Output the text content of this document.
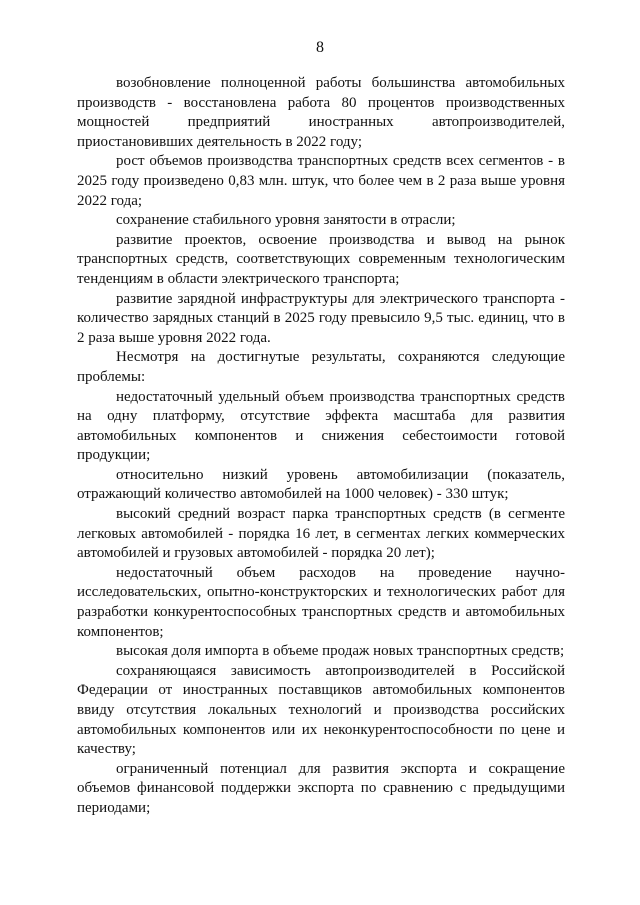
8

возобновление полноценной работы большинства автомобильных производств - восстановлена работа 80 процентов производственных мощностей предприятий иностранных автопроизводителей, приостановивших деятельность в 2022 году;

рост объемов производства транспортных средств всех сегментов - в 2025 году произведено 0,83 млн. штук, что более чем в 2 раза выше уровня 2022 года;

сохранение стабильного уровня занятости в отрасли;

развитие проектов, освоение производства и вывод на рынок транспортных средств, соответствующих современным технологическим тенденциям в области электрического транспорта;

развитие зарядной инфраструктуры для электрического транспорта - количество зарядных станций в 2025 году превысило 9,5 тыс. единиц, что в 2 раза выше уровня 2022 года.

Несмотря на достигнутые результаты, сохраняются следующие проблемы:

недостаточный удельный объем производства транспортных средств на одну платформу, отсутствие эффекта масштаба для развития автомобильных компонентов и снижения себестоимости готовой продукции;

относительно низкий уровень автомобилизации (показатель, отражающий количество автомобилей на 1000 человек) - 330 штук;

высокий средний возраст парка транспортных средств (в сегменте легковых автомобилей - порядка 16 лет, в сегментах легких коммерческих автомобилей и грузовых автомобилей - порядка 20 лет);

недостаточный объем расходов на проведение научно-исследовательских, опытно-конструкторских и технологических работ для разработки конкурентоспособных транспортных средств и автомобильных компонентов;

высокая доля импорта в объеме продаж новых транспортных средств;

сохраняющаяся зависимость автопроизводителей в Российской Федерации от иностранных поставщиков автомобильных компонентов ввиду отсутствия локальных технологий и производства российских автомобильных компонентов или их неконкурентоспособности по цене и качеству;

ограниченный потенциал для развития экспорта и сокращение объемов финансовой поддержки экспорта по сравнению с предыдущими периодами;
